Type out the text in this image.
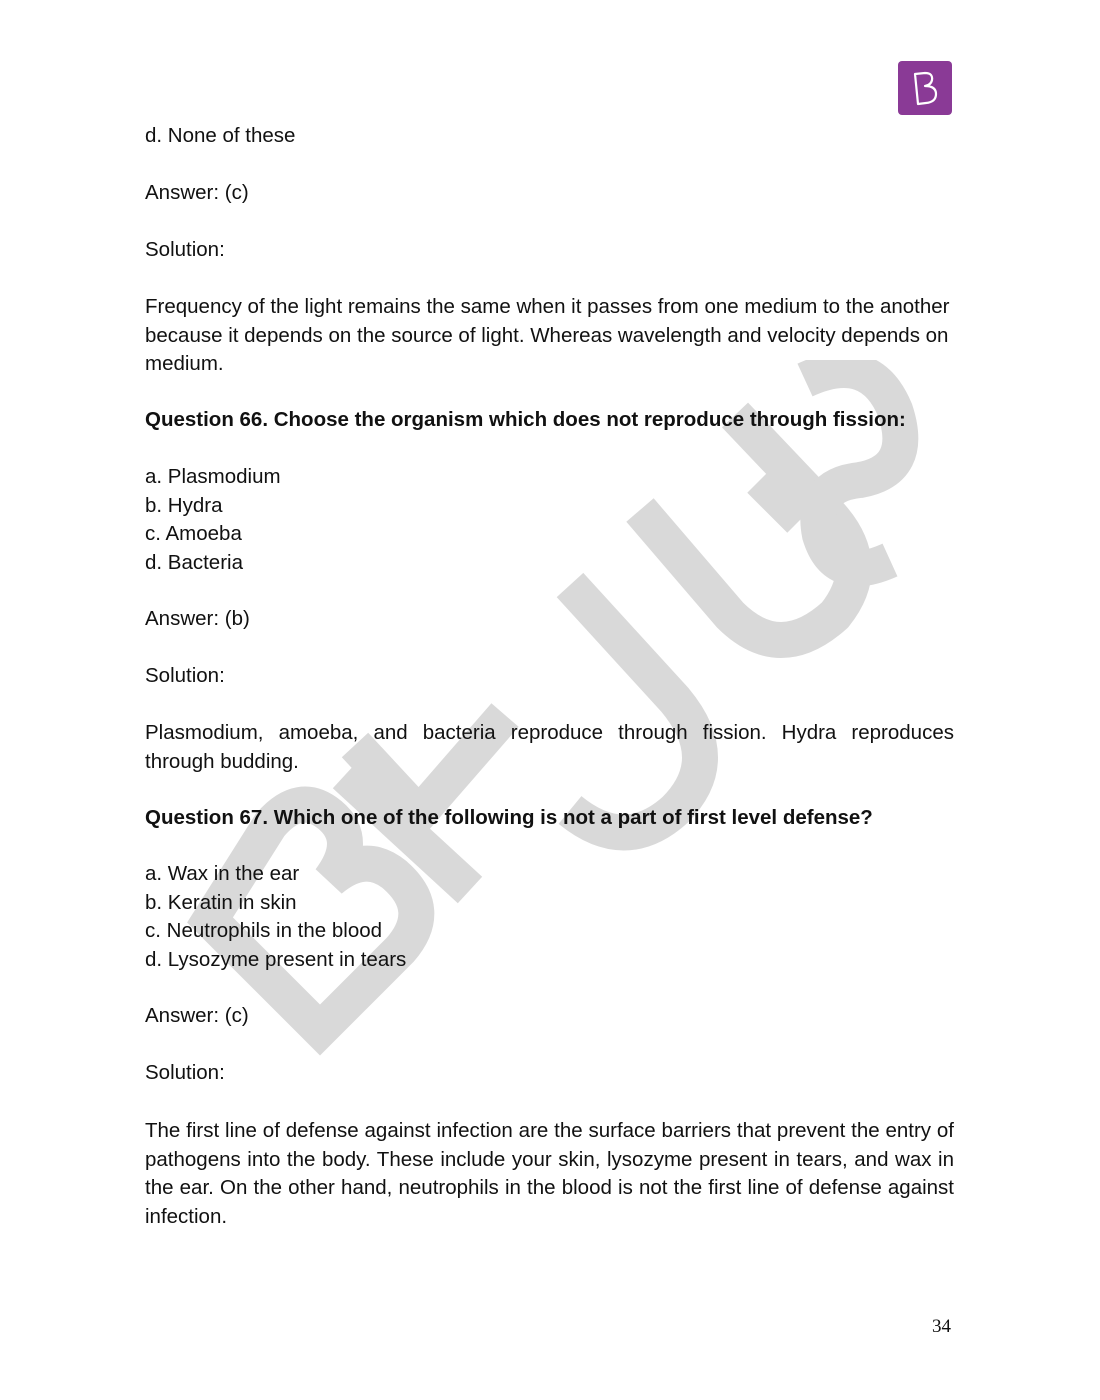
d. None of these
Answer: (c)
Solution:
Frequency of the light remains the same when it passes from one medium to the another because it depends on the source of light. Whereas wavelength and velocity depends on medium.
Question 66. Choose the organism which does not reproduce through fission:
a. Plasmodium
b. Hydra
c. Amoeba
d. Bacteria
Answer: (b)
Solution:
Plasmodium, amoeba, and bacteria reproduce through fission. Hydra reproduces through budding.
Question 67. Which one of the following is not a part of first level defense?
a. Wax in the ear
b. Keratin in skin
c. Neutrophils in the blood
d. Lysozyme present in tears
Answer: (c)
Solution:
The first line of defense against infection are the surface barriers that prevent the entry of pathogens into the body. These include your skin, lysozyme present in tears, and wax in the ear. On the other hand, neutrophils in the blood is not the first line of defense against infection.
34
